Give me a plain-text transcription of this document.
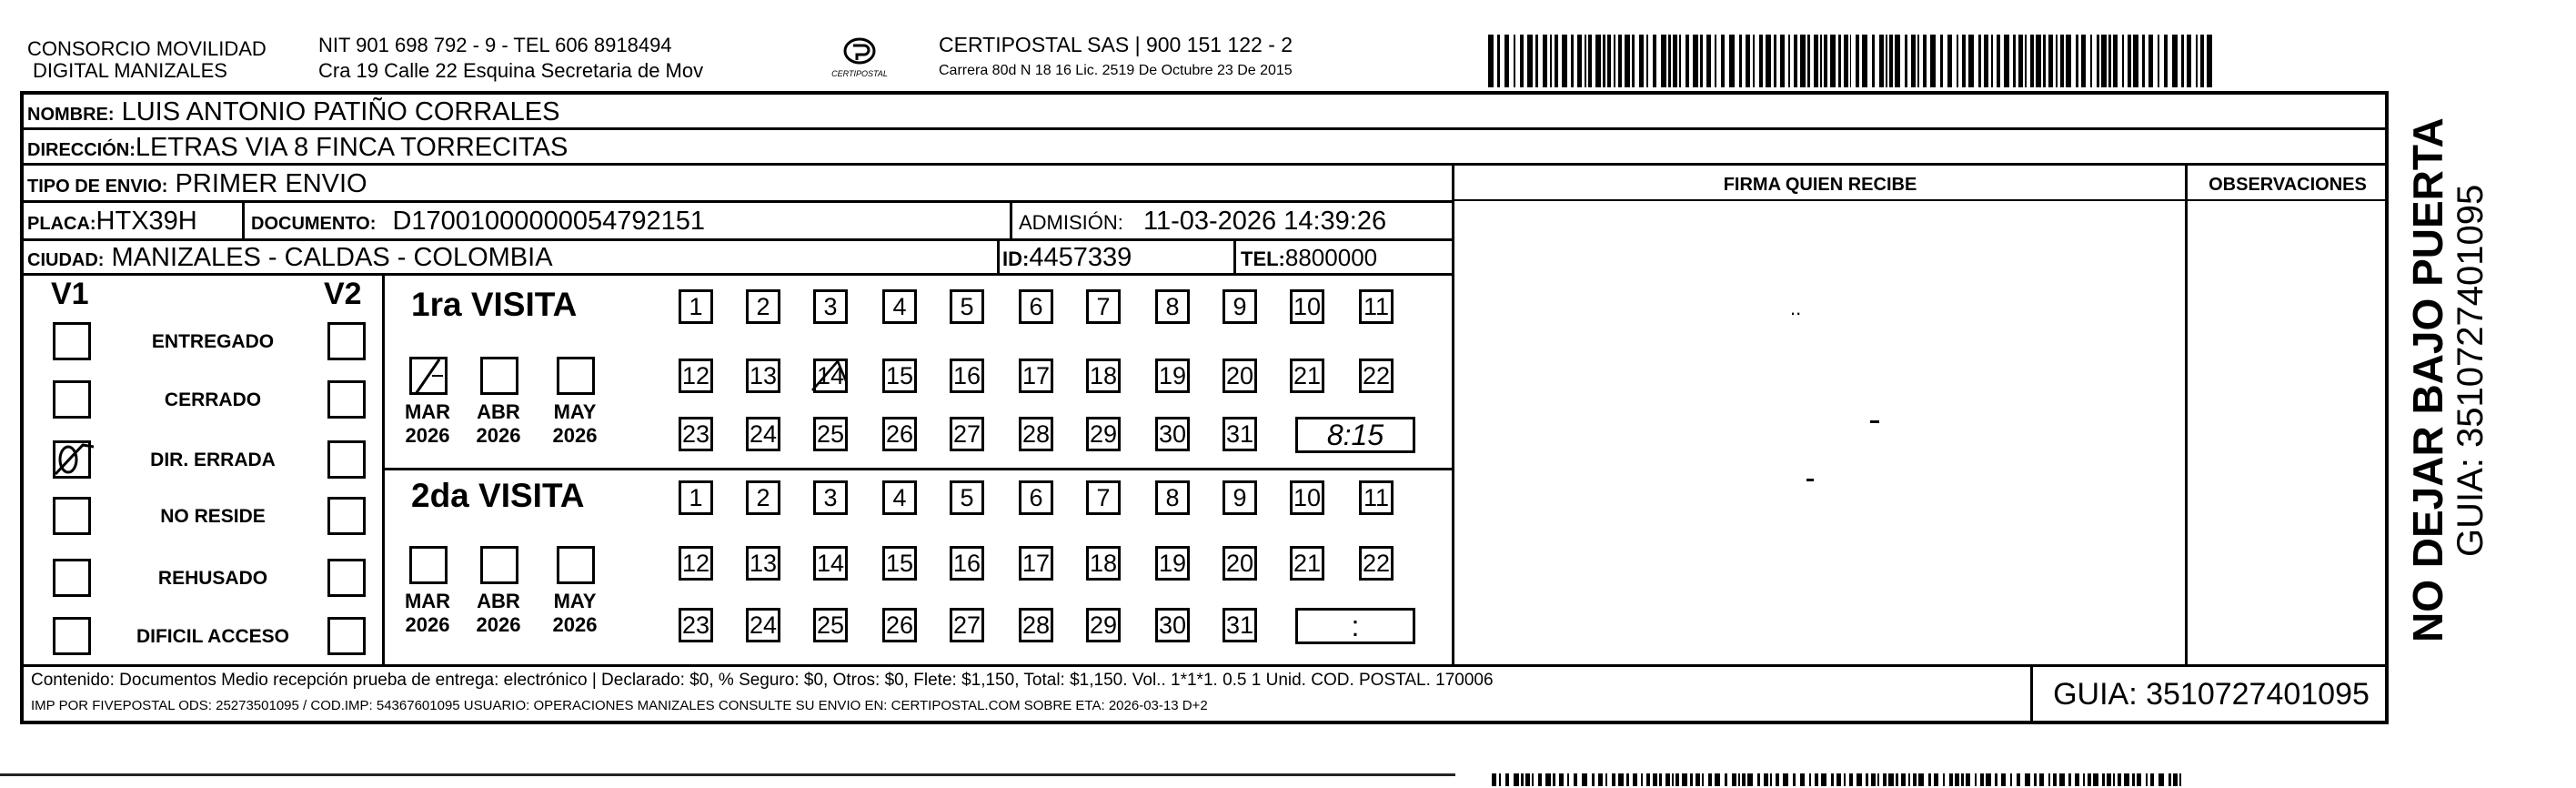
CONSORCIO MOVILIDAD
DIGITAL MANIZALES
NIT 901 698 792 - 9 - TEL 606 8918494
Cra 19 Calle 22 Esquina Secretaria de Mov	CERTIPOSTAL
CERTIPOSTAL SAS | 900 151 122 - 2
Carrera 80d N 18 16 Lic. 2519 De Octubre 23 De 2015
NOMBRE: LUIS ANTONIO PATIÑO CORRALES
DIRECCIÓN:LETRAS VIA 8 FINCA TORRECITAS
TIPO DE ENVIO: PRIMER ENVIO	FIRMA QUIEN RECIBE	OBSERVACIONES
PLACA:HTX39H	DOCUMENTO: D17001000000054792151	ADMISIÓN: 11-03-2026 14:39:26
CIUDAD: MANIZALES - CALDAS - COLOMBIA	ID:4457339	TEL:8800000
V1	V2
ENTREGADO
CERRADO
DIR. ERRADA
NO RESIDE
REHUSADO
DIFICIL ACCESO
1ra VISITA
2da VISITA
MAR
2026
ABR
2026
MAY
2026
1	2	3	4	5	6	7	8	9	10 11
12 13 14 15 16 17 18 19 20 21 22
23 24 25 26 27 28 29 30 31	8:15
MAR
2026
ABR
2026
MAY
2026
1	2	3	4	5	6	7	8	9	10 11
12 13 14 15 16 17 18 19 20 21 22
23 24 25 26 27 28 29 30 31	:
..
Contenido: Documentos Medio recepción prueba de entrega: electrónico | Declarado: $0, % Seguro: $0, Otros: $0, Flete: $1,150, Total: $1,150. Vol.. 1*1*1. 0.5 1 Unid. COD. POSTAL. 170006
IMP POR FIVEPOSTAL ODS: 25273501095 / COD.IMP: 54367601095 USUARIO: OPERACIONES MANIZALES CONSULTE SU ENVIO EN: CERTIPOSTAL.COM SOBRE ETA: 2026-03-13 D+2	GUIA: 3510727401095
NO DEJAR BAJO PUERTA GUIA: 3510727401095
